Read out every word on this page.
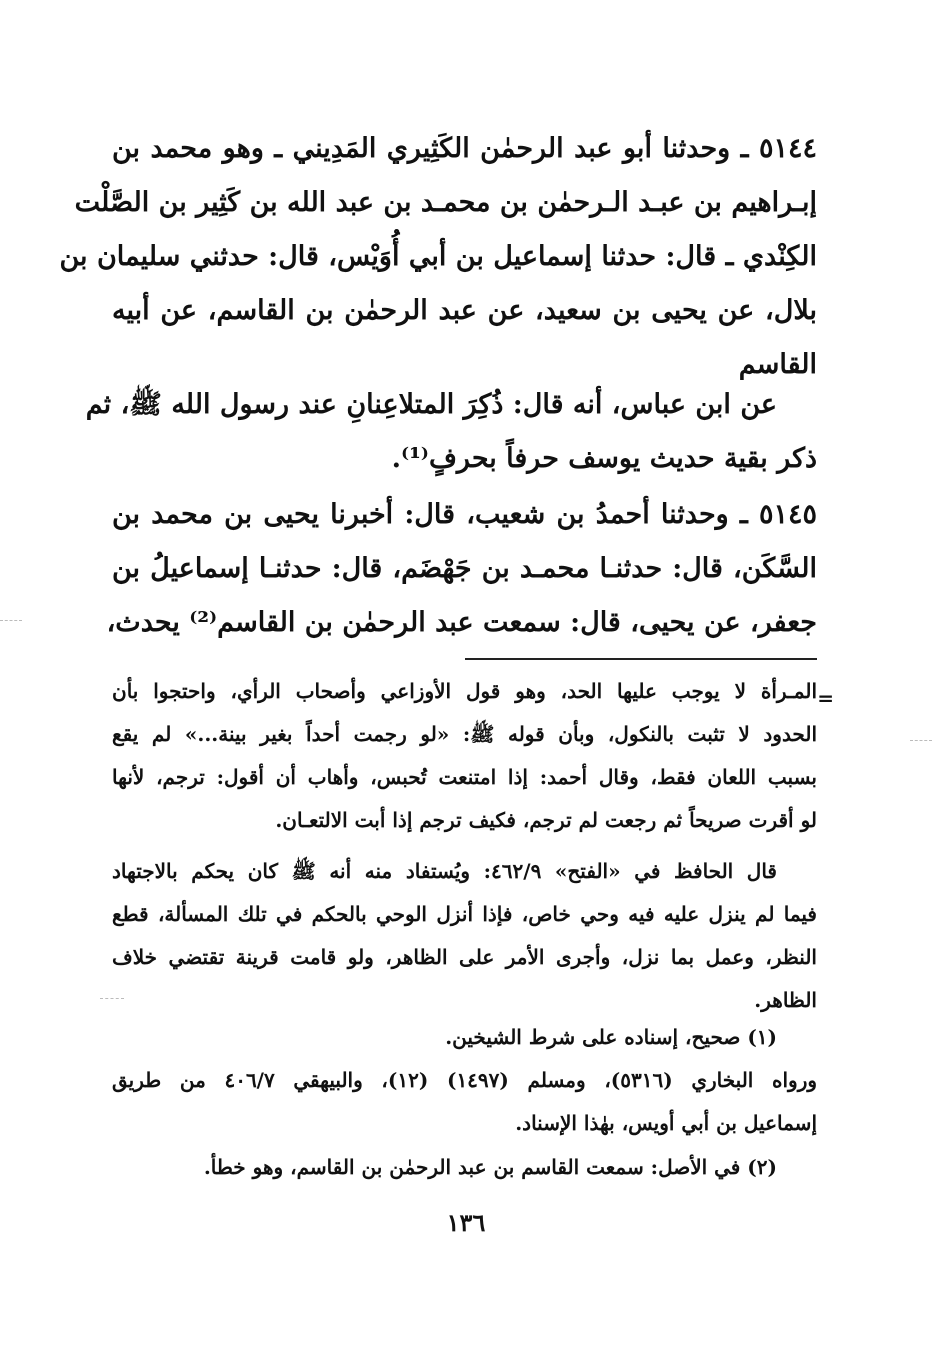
٥١٤٤ ـ وحدثنا أبو عبد الرحمٰن الكَثِيري المَدِيني ـ وهو محمد بن
إبـراهيم بن عبـد الـرحمٰن بن محمـد بن عبد الله بن كَثِير بن الصَّلْت
الكِنْدي ـ قال: حدثنا إسماعيل بن أبي أُوَيْس، قال: حدثني سليمان بن
بلال، عن يحيى بن سعيد، عن عبد الرحمٰن بن القاسم، عن أبيه
القاسم
عن ابن عباس، أنه قال: ذُكِرَ المتلاعِنانِ عند رسول الله ﷺ، ثم
ذكر بقية حديث يوسف حرفاً بحرفٍ⁽¹⁾.
٥١٤٥ ـ وحدثنا أحمدُ بن شعيب، قال: أخبرنا يحيى بن محمد بن
السَّكَن، قال: حدثنـا محمـد بن جَهْضَم، قال: حدثنـا إسماعيلُ بن
جعفر، عن يحيى، قال: سمعت عبد الرحمٰن بن القاسم⁽²⁾ يحدث،
=
المـرأة لا يوجب عليها الحد، وهو قول الأوزاعي وأصحاب الرأي، واحتجوا بأن
الحدود لا تثبت بالنكول، وبأن قوله ﷺ: «لو رجمت أحداً بغير بينة...» لم يقع
بسبب اللعان فقط، وقال أحمد: إذا امتنعت تُحبس، وأهاب أن أقول: ترجم، لأنها
لو أقرت صريحاً ثم رجعت لم ترجم، فكيف ترجم إذا أبت الالتعـان.
قال الحافظ في «الفتح» ٤٦٢/٩: ويُستفاد منه أنه ﷺ كان يحكم بالاجتهاد
فيما لم ينزل عليه فيه وحي خاص، فإذا أنزل الوحي بالحكم في تلك المسألة، قطع
النظر، وعمل بما نزل، وأجرى الأمر على الظاهر، ولو قامت قرينة تقتضي خلاف
الظاهر.
(١) صحيح، إسناده على شرط الشيخين.
ورواه البخاري (٥٣١٦)، ومسلم (١٤٩٧) (١٢)، والبيهقي ٤٠٦/٧ من طريق
إسماعيل بن أبي أويس، بهٰذا الإسناد.
(٢) في الأصل: سمعت القاسم بن عبد الرحمٰن بن القاسم، وهو خطأ.
١٣٦
